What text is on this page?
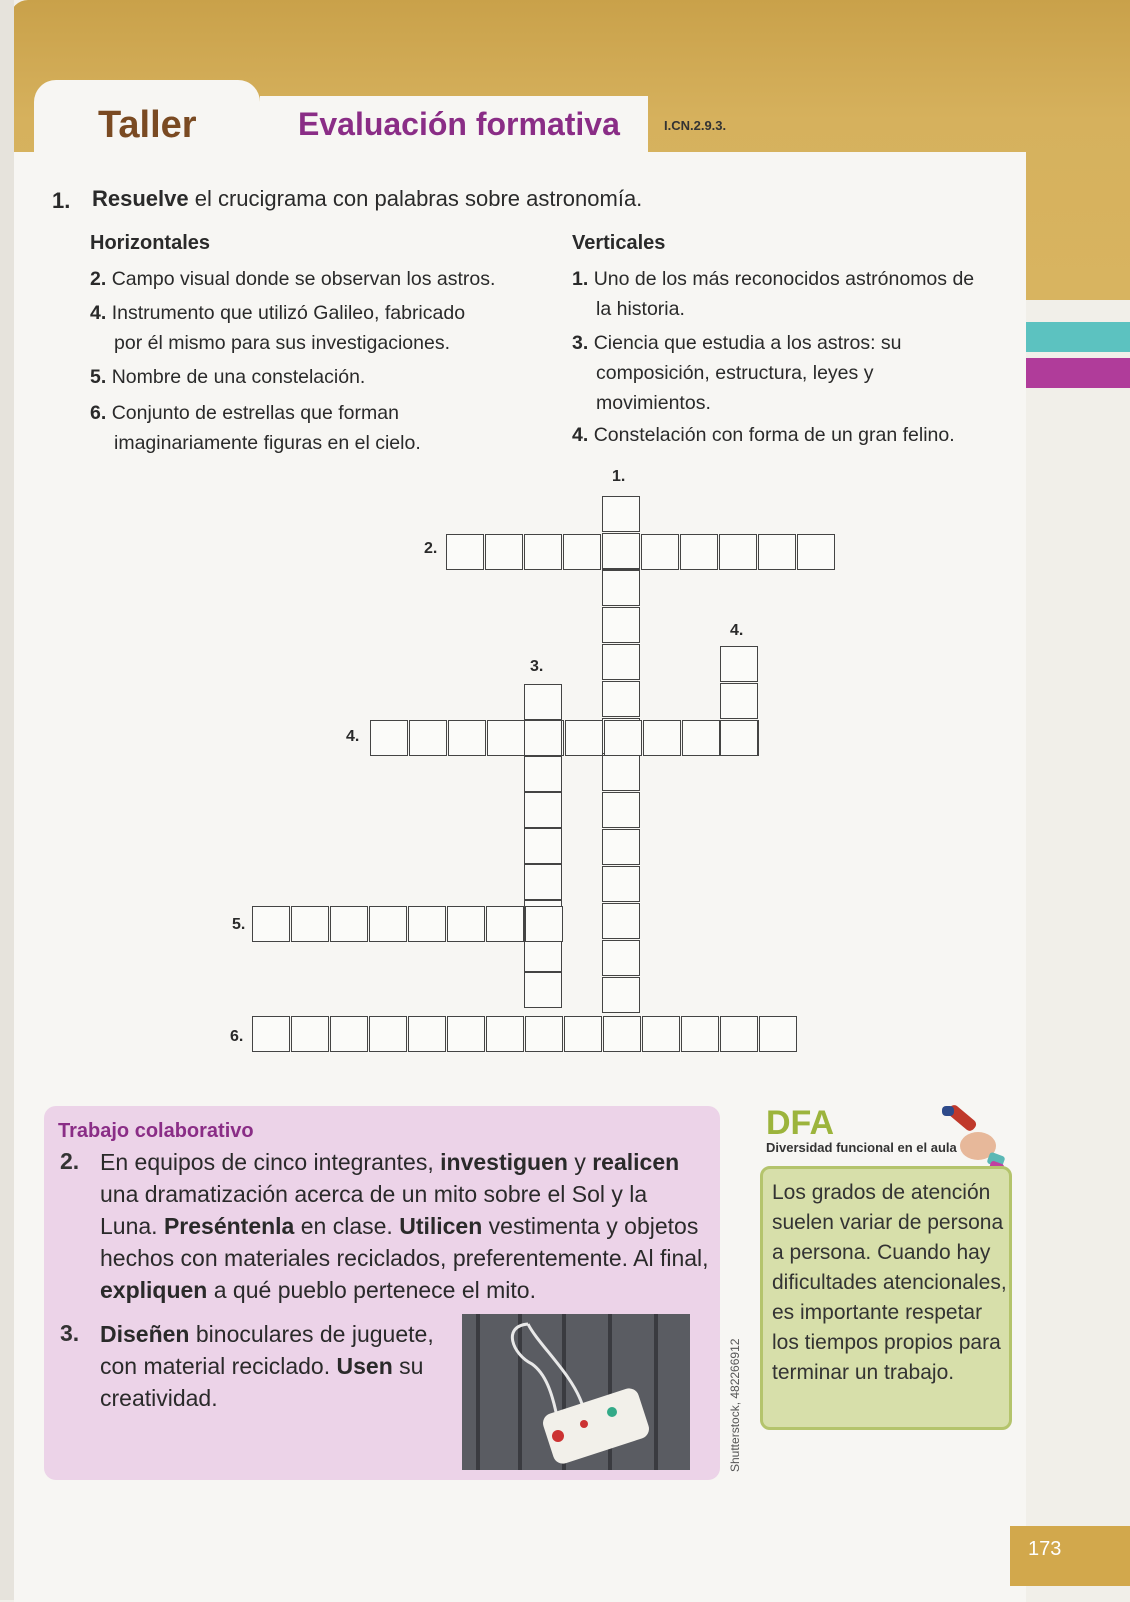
Taller	Evaluación formativa	I.CN.2.9.3.
1. Resuelve el crucigrama con palabras sobre astronomía.
Horizontales	Verticales
2. Campo visual donde se observan los astros.
4. Instrumento que utilizó Galileo, fabricado
por él mismo para sus investigaciones.
5. Nombre de una constelación.
6. Conjunto de estrellas que forman
imaginariamente figuras en el cielo.
1. Uno de los más reconocidos astrónomos de
la historia.
3. Ciencia que estudia a los astros: su
composición, estructura, leyes y
movimientos.
4. Constelación con forma de un gran felino.
1.
2.
3.
4.
4.
5.
6.
Trabajo colaborativo
2. En equipos de cinco integrantes, investiguen y realicen una dramatización acerca de un mito sobre el Sol y la Luna. Preséntenla en clase. Utilicen vestimenta y objetos hechos con materiales reciclados, preferentemente. Al final, expliquen a qué pueblo pertenece el mito.
3. Diseñen binoculares de juguete, con material reciclado. Usen su creatividad.	Shutterstock, 482266912
DFA
Diversidad funcional en el aula
Los grados de atención suelen variar de persona a persona. Cuando hay dificultades atencionales, es importante respetar los tiempos propios para terminar un trabajo.
173
